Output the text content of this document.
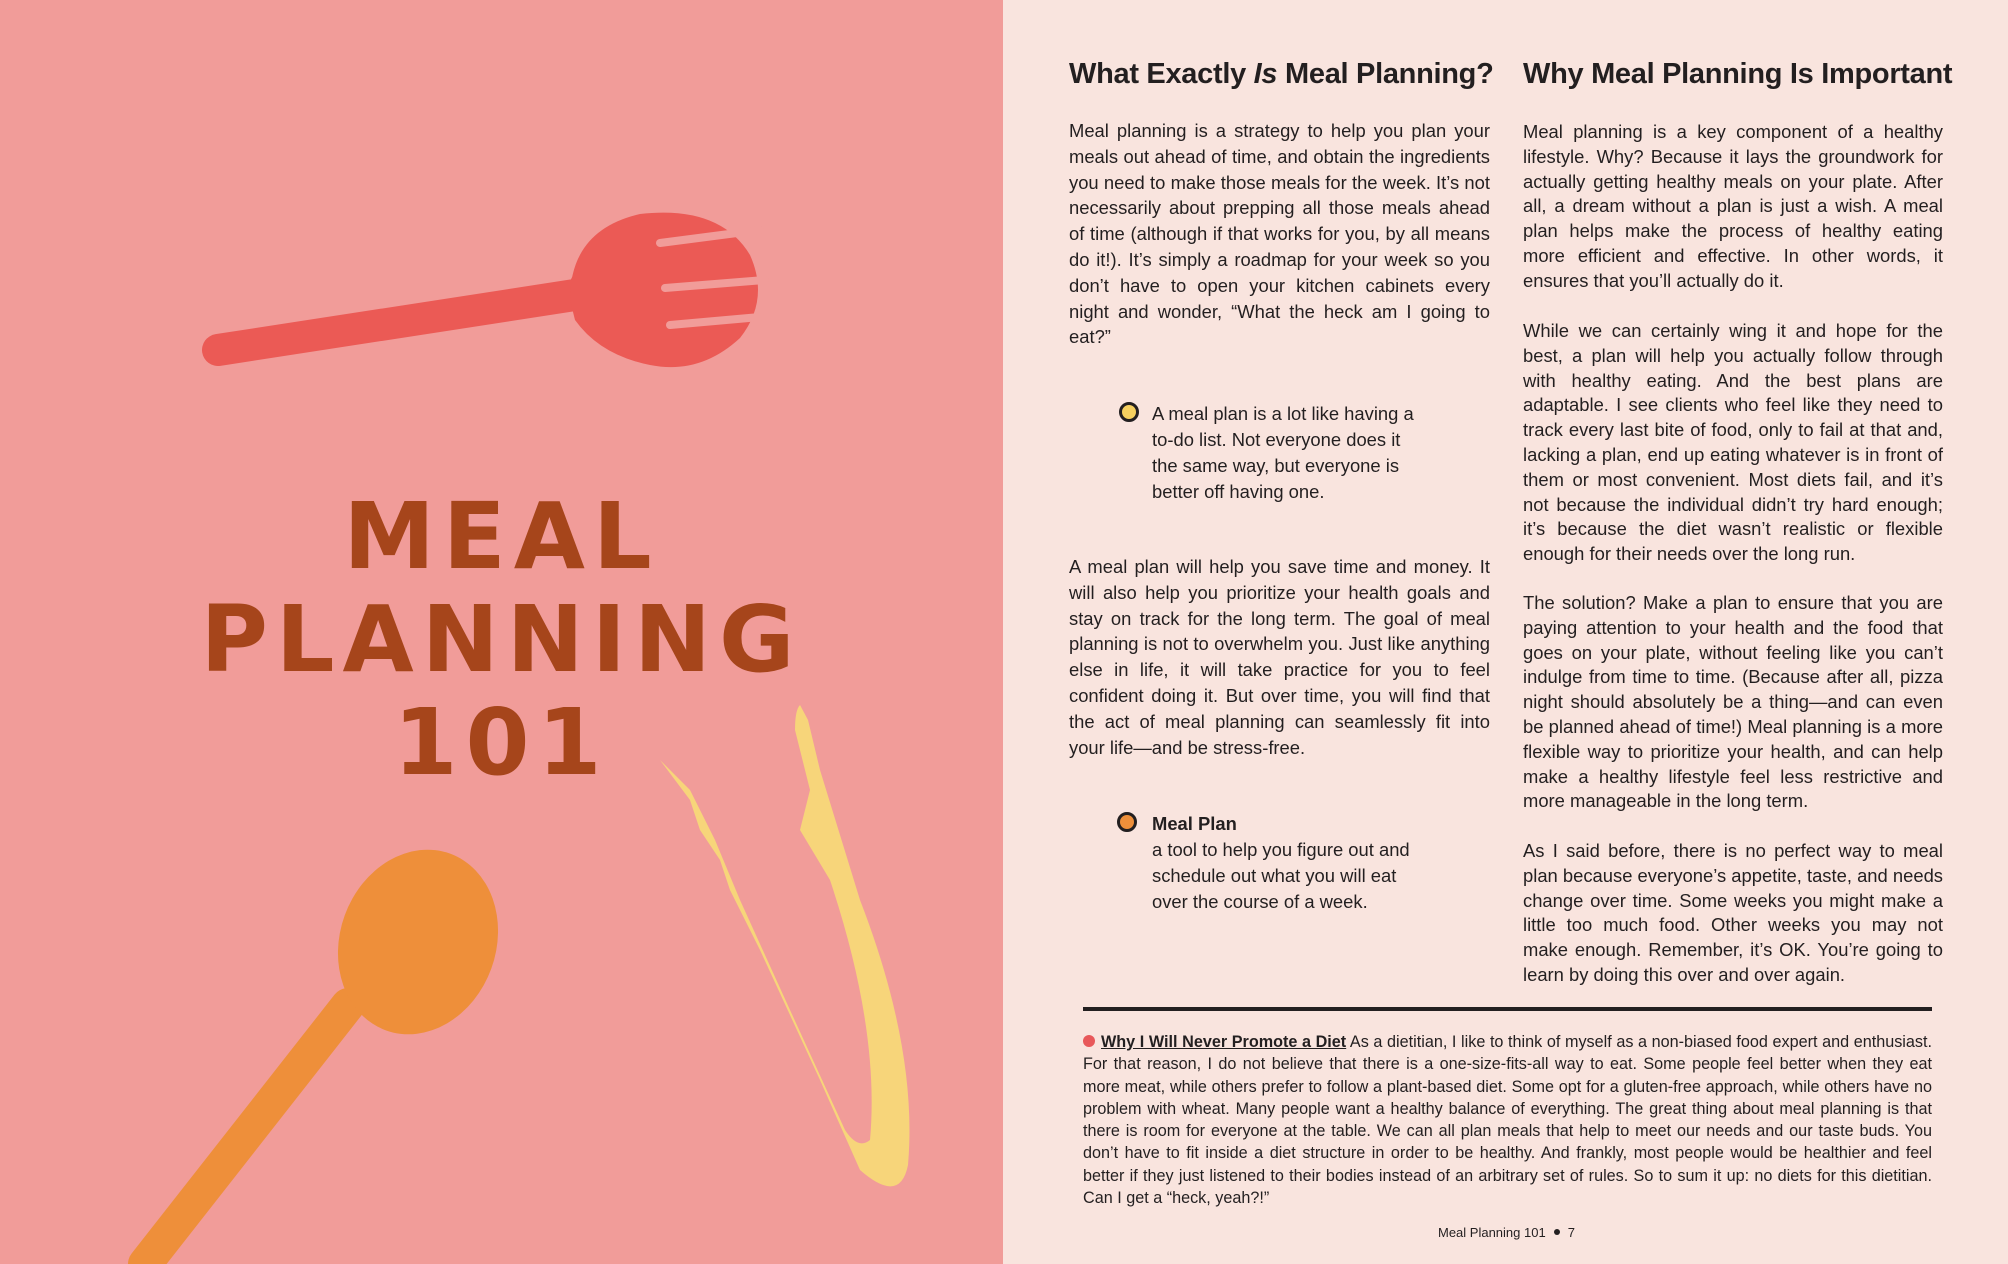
MEAL
PLANNING
101
What Exactly Is Meal Planning?

Meal planning is a strategy to help you plan your meals out ahead of time, and obtain the ingredients you need to make those meals for the week. It’s not necessarily about prepping all those meals ahead of time (although if that works for you, by all means do it!). It’s simply a roadmap for your week so you don’t have to open your kitchen cabinets every night and wonder, “What the heck am I going to eat?”

A meal plan is a lot like having a to-do list. Not everyone does it the same way, but everyone is better off having one.

A meal plan will help you save time and money. It will also help you prioritize your health goals and stay on track for the long term. The goal of meal planning is not to overwhelm you. Just like anything else in life, it will take practice for you to feel confident doing it. But over time, you will find that the act of meal planning can seamlessly fit into your life—and be stress-free.

Meal Plan
a tool to help you figure out and schedule out what you will eat over the course of a week.
Why Meal Planning Is Important

Meal planning is a key component of a healthy lifestyle. Why? Because it lays the groundwork for actually getting healthy meals on your plate. After all, a dream without a plan is just a wish. A meal plan helps make the process of healthy eating more efficient and effective. In other words, it ensures that you’ll actually do it.

While we can certainly wing it and hope for the best, a plan will help you actually follow through with healthy eating. And the best plans are adaptable. I see clients who feel like they need to track every last bite of food, only to fail at that and, lacking a plan, end up eating whatever is in front of them or most convenient. Most diets fail, and it’s not because the individual didn’t try hard enough; it’s because the diet wasn’t realistic or flexible enough for their needs over the long run.

The solution? Make a plan to ensure that you are paying attention to your health and the food that goes on your plate, without feeling like you can’t indulge from time to time. (Because after all, pizza night should absolutely be a thing—and can even be planned ahead of time!) Meal planning is a more flexible way to prioritize your health, and can help make a healthy lifestyle feel less restrictive and more manageable in the long term.

As I said before, there is no perfect way to meal plan because everyone’s appetite, taste, and needs change over time. Some weeks you might make a little too much food. Other weeks you may not make enough. Remember, it’s OK. You’re going to learn by doing this over and over again.

Why I Will Never Promote a Diet As a dietitian, I like to think of myself as a non-biased food expert and enthusiast. For that reason, I do not believe that there is a one-size-fits-all way to eat. Some people feel better when they eat more meat, while others prefer to follow a plant-based diet. Some opt for a gluten-free approach, while others have no problem with wheat. Many people want a healthy balance of everything. The great thing about meal planning is that there is room for everyone at the table. We can all plan meals that help to meet our needs and our taste buds. You don’t have to fit inside a diet structure in order to be healthy. And frankly, most people would be healthier and feel better if they just listened to their bodies instead of an arbitrary set of rules. So to sum it up: no diets for this dietitian. Can I get a “heck, yeah?!”
Meal Planning 101 7
